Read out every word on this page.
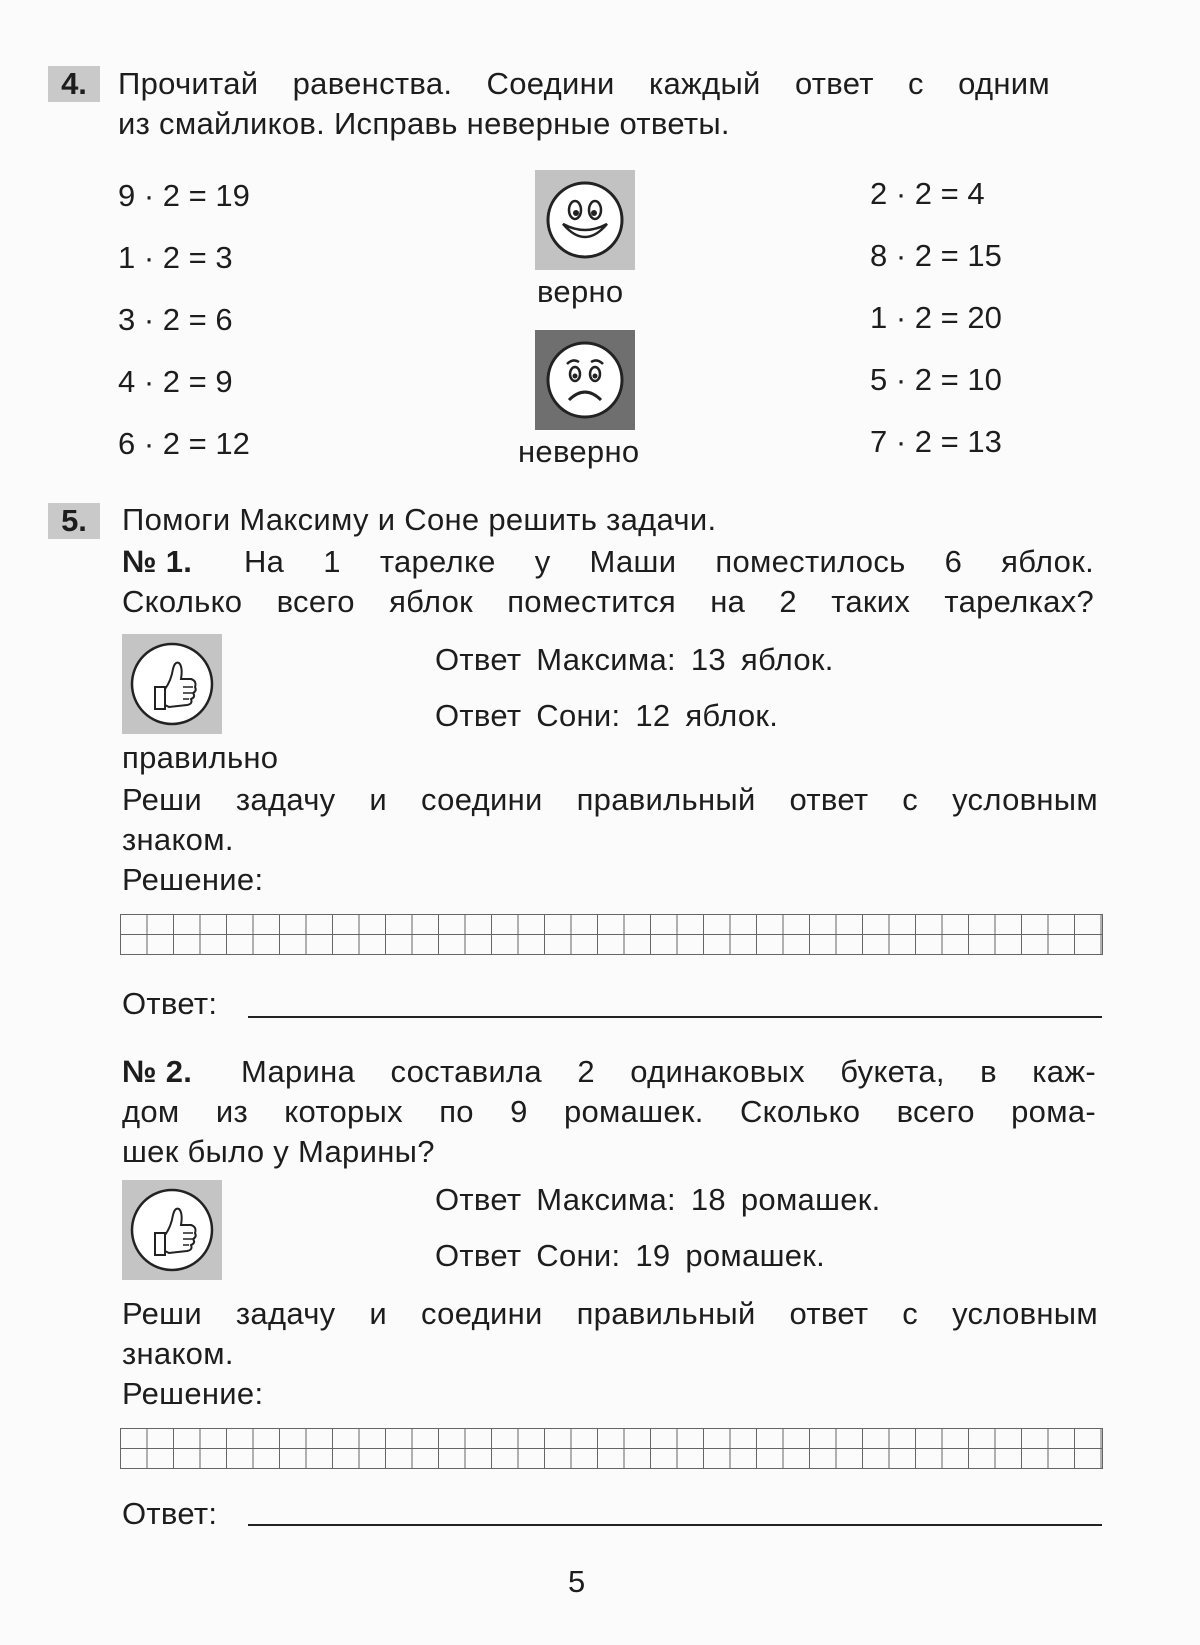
4.	Прочитай равенства. Соедини каждый ответ с одним
из смайликов. Исправь неверные ответы.
9 · 2 = 19
1 · 2 = 3
3 · 2 = 6
4 · 2 = 9
6 · 2 = 12
2 · 2 = 4
8 · 2 = 15
1 · 2 = 20
5 · 2 = 10
7 · 2 = 13
верно
неверно
5.	Помоги Максиму и Соне решить задачи.
№ 1. На 1 тарелке у Маши поместилось 6 яблок.
Сколько всего яблок поместится на 2 таких тарелках?
Ответ Максима: 13 яблок.
Ответ Сони: 12 яблок.
правильно
Реши задачу и соедини правильный ответ с условным
знаком.
Решение:
Ответ:
№ 2. Марина составила 2 одинаковых букета, в каж-
дом из которых по 9 ромашек. Сколько всего рома-
шек было у Марины?
Ответ Максима: 18 ромашек.
Ответ Сони: 19 ромашек.
Реши задачу и соедини правильный ответ с условным
знаком.
Решение:
Ответ:
5
